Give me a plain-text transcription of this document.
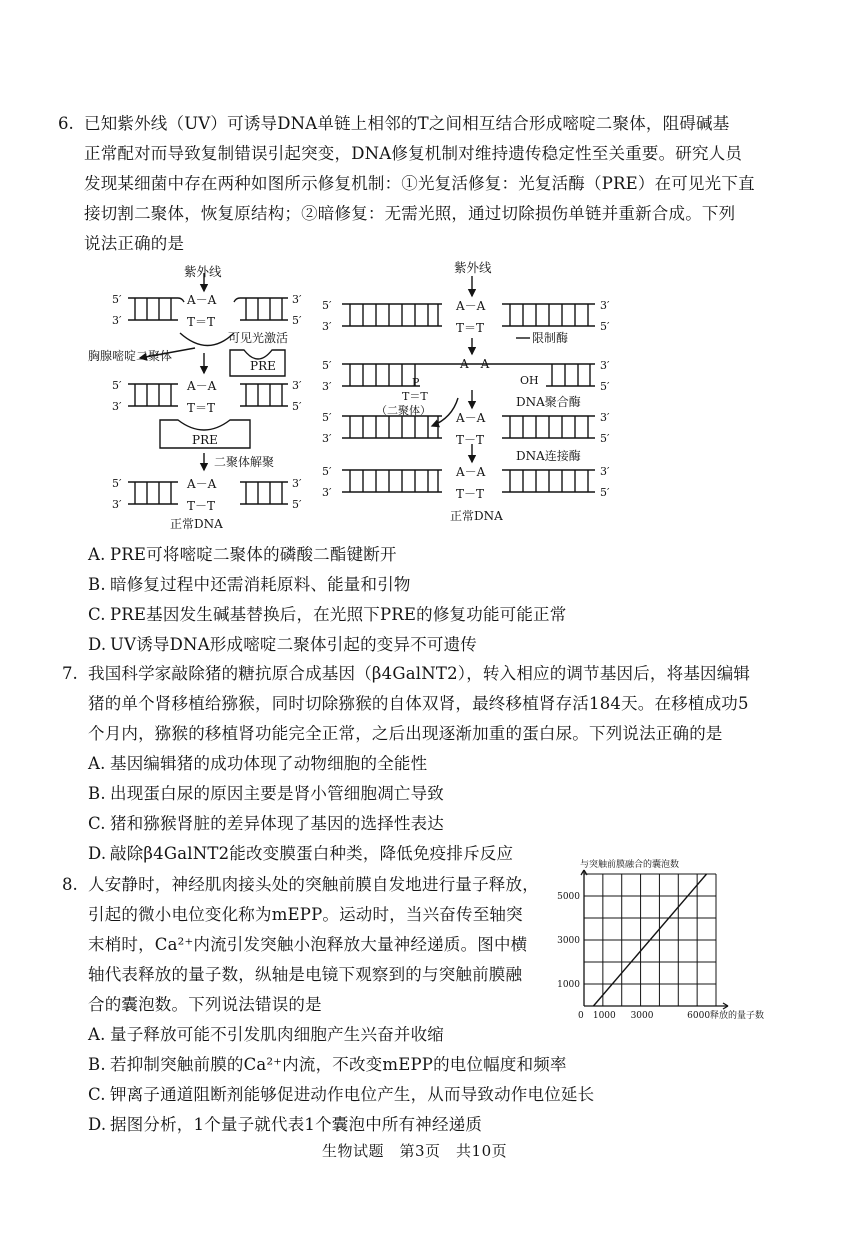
6. 已知紫外线（UV）可诱导DNA单链上相邻的T之间相互结合形成嘧啶二聚体，阻碍碱基
正常配对而导致复制错误引起突变，DNA修复机制对维持遗传稳定性至关重要。研究人员
发现某细菌中存在两种如图所示修复机制：①光复活修复：光复活酶（PRE）在可见光下直
接切割二聚体，恢复原结构；②暗修复：无需光照，通过切除损伤单链并重新合成。下列
说法正确的是
紫外线
5′
3′
3′
5′
A－A
T＝T
可见光激活
胸腺嘧啶二聚体
PRE
5′
3′
3′
5′
A－A
T＝T
PRE
二聚体解聚
5′
3′
3′
5′
A－A
T－T
正常DNA
紫外线
5′
3′
3′
5′
A－A
T＝T
限制酶
5′
3′
3′
5′
A－A
P	OH
T＝T
（二聚体）
DNA聚合酶
5′
3′
3′
5′
A－A
T－T
DNA连接酶
5′
3′
3′
5′
A－A
T－T
正常DNA
A. PRE可将嘧啶二聚体的磷酸二酯键断开
B. 暗修复过程中还需消耗原料、能量和引物
C. PRE基因发生碱基替换后，在光照下PRE的修复功能可能正常
D. UV诱导DNA形成嘧啶二聚体引起的变异不可遗传
7. 我国科学家敲除猪的糖抗原合成基因（β4GalNT2），转入相应的调节基因后，将基因编辑
猪的单个肾移植给猕猴，同时切除猕猴的自体双肾，最终移植肾存活184天。在移植成功5
个月内，猕猴的移植肾功能完全正常，之后出现逐渐加重的蛋白尿。下列说法正确的是
A. 基因编辑猪的成功体现了动物细胞的全能性
B. 出现蛋白尿的原因主要是肾小管细胞凋亡导致
C. 猪和猕猴肾脏的差异体现了基因的选择性表达
D. 敲除β4GalNT2能改变膜蛋白种类，降低免疫排斥反应
8. 人安静时，神经肌肉接头处的突触前膜自发地进行量子释放，
引起的微小电位变化称为mEPP。运动时，当兴奋传至轴突
末梢时，Ca²⁺内流引发突触小泡释放大量神经递质。图中横
轴代表释放的量子数，纵轴是电镜下观察到的与突触前膜融
合的囊泡数。下列说法错误的是
与突触前膜融合的囊泡数
0 1000 3000	6000
1000
3000
5000
释放的量子数
A. 量子释放可能不引发肌肉细胞产生兴奋并收缩
B. 若抑制突触前膜的Ca²⁺内流，不改变mEPP的电位幅度和频率
C. 钾离子通道阻断剂能够促进动作电位产生，从而导致动作电位延长
D. 据图分析，1个量子就代表1个囊泡中所有神经递质
生物试题　第3页　共10页
